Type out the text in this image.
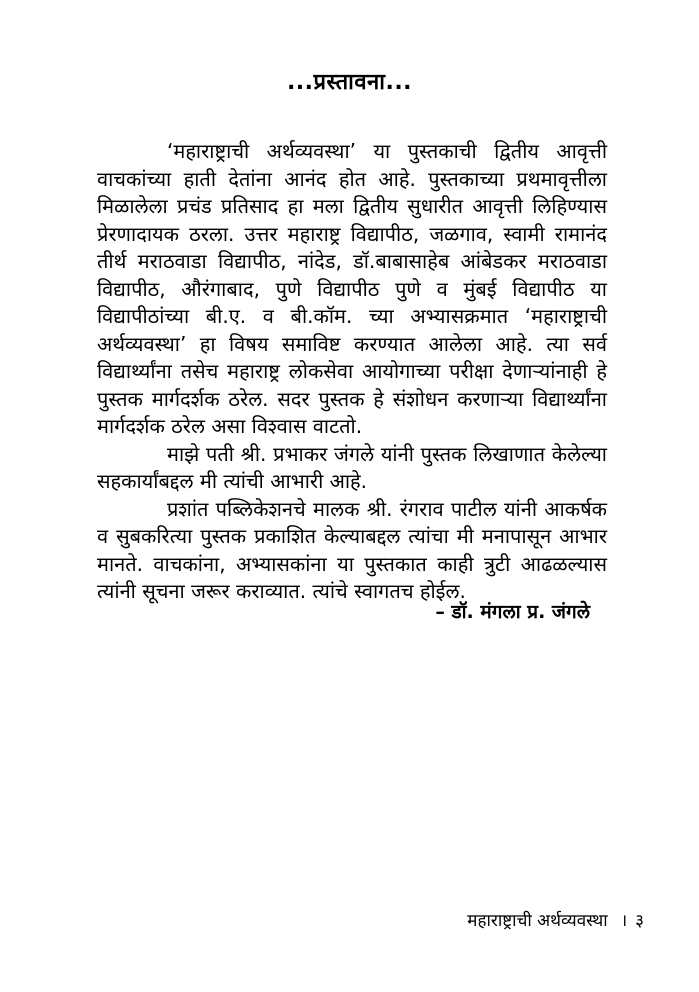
...प्रस्तावना...

‘महाराष्ट्राची अर्थव्यवस्था’ या पुस्तकाची द्वितीय आवृत्ती वाचकांच्या हाती देतांना आनंद होत आहे. पुस्तकाच्या प्रथमावृत्तीला मिळालेला प्रचंड प्रतिसाद हा मला द्वितीय सुधारीत आवृत्ती लिहिण्यास प्रेरणादायक ठरला. उत्तर महाराष्ट्र विद्यापीठ, जळगाव, स्वामी रामानंद तीर्थ मराठवाडा विद्यापीठ, नांदेड, डॉ.बाबासाहेब आंबेडकर मराठवाडा विद्यापीठ, औरंगाबाद, पुणे विद्यापीठ पुणे व मुंबई विद्यापीठ या विद्यापीठांच्या बी.ए. व बी.कॉम. च्या अभ्यासक्रमात ‘महाराष्ट्राची अर्थव्यवस्था’ हा विषय समाविष्ट करण्यात आलेला आहे. त्या सर्व विद्यार्थ्यांना तसेच महाराष्ट्र लोकसेवा आयोगाच्या परीक्षा देणाऱ्यांनाही हे पुस्तक मार्गदर्शक ठरेल. सदर पुस्तक हे संशोधन करणाऱ्या विद्यार्थ्यांना मार्गदर्शक ठरेल असा विश्वास वाटतो.

माझे पती श्री. प्रभाकर जंगले यांनी पुस्तक लिखाणात केलेल्या सहकार्यांबद्दल मी त्यांची आभारी आहे.

प्रशांत पब्लिकेशनचे मालक श्री. रंगराव पाटील यांनी आकर्षक व सुबकरित्या पुस्तक प्रकाशित केल्याबद्दल त्यांचा मी मनापासून आभार मानते. वाचकांना, अभ्यासकांना या पुस्तकात काही त्रुटी आढळल्यास त्यांनी सूचना जरूर कराव्यात. त्यांचे स्वागतच होईल.

– डॉ. मंगला प्र. जंगले
महाराष्ट्राची अर्थव्यवस्था । ३
